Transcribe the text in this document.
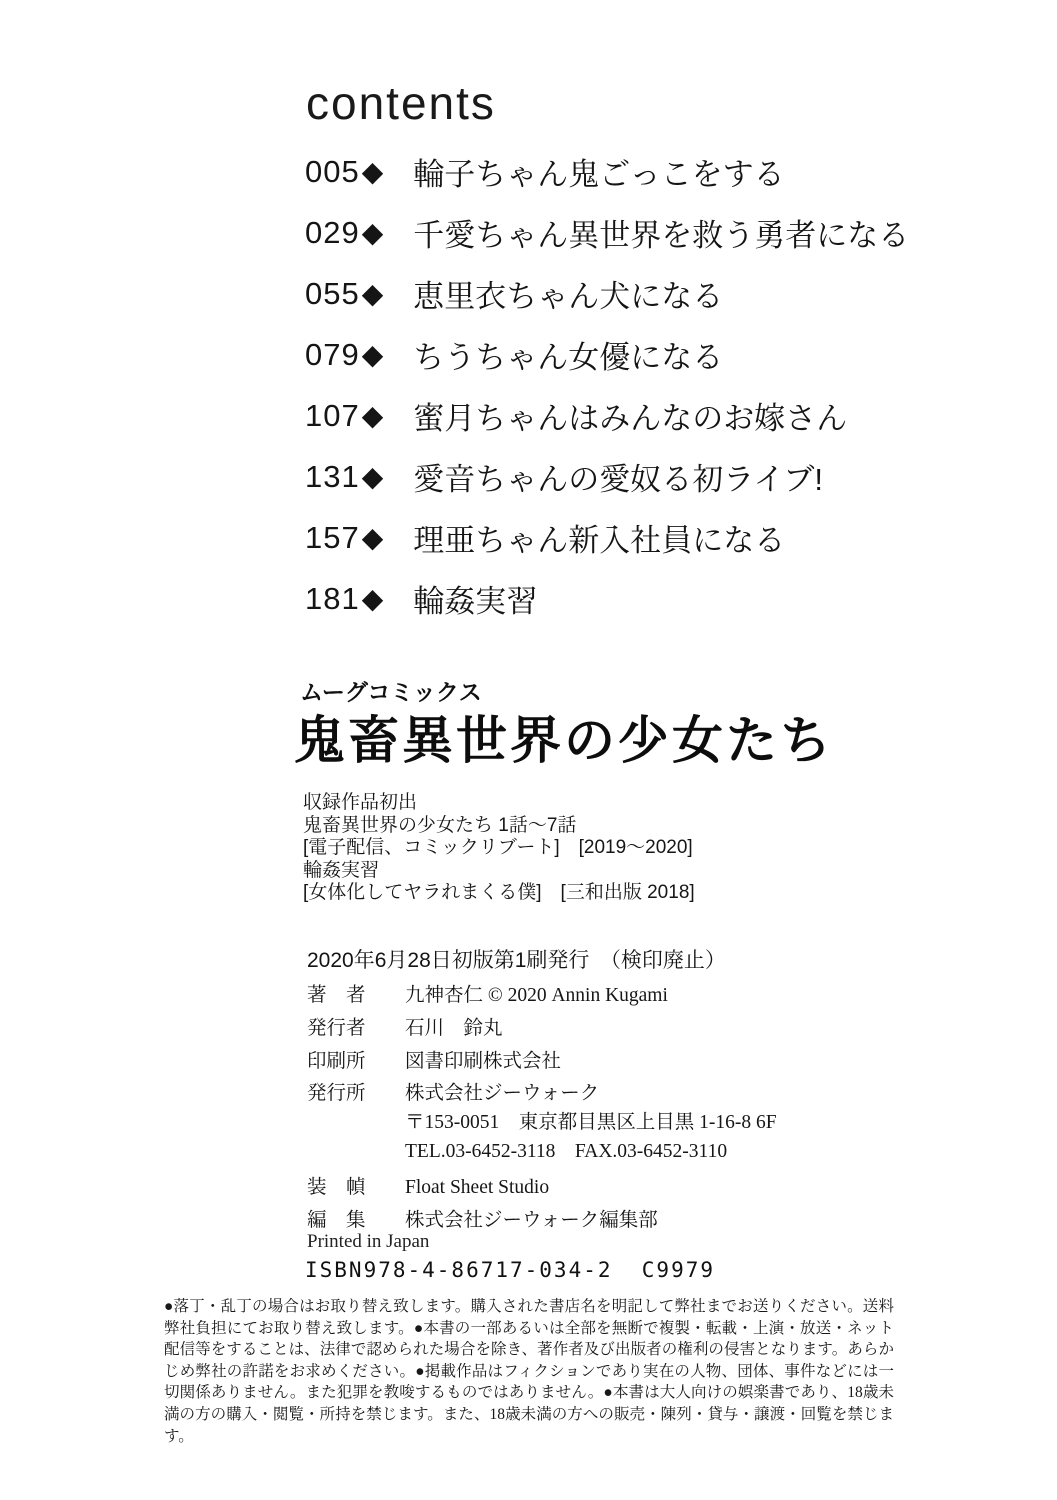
contents
005 ◆ 輪子ちゃん鬼ごっこをする
029 ◆ 千愛ちゃん異世界を救う勇者になる
055 ◆ 恵里衣ちゃん犬になる
079 ◆ ちうちゃん女優になる
107 ◆ 蜜月ちゃんはみんなのお嫁さん
131 ◆ 愛音ちゃんの愛奴る初ライブ!
157 ◆ 理亜ちゃん新入社員になる
181 ◆ 輪姦実習
ムーグコミックス
鬼畜異世界の少女たち
収録作品初出
鬼畜異世界の少女たち 1話～7話
[電子配信、コミックリブート]　[2019～2020]
輪姦実習
[女体化してヤラれまくる僕]　[三和出版 2018]
2020年6月28日初版第1刷発行　（検印廃止）
著　者	九神杏仁 © 2020 Annin Kugami
発行者	石川　鈴丸
印刷所	図書印刷株式会社
発行所	株式会社ジーウォーク
〒153-0051　東京都目黒区上目黒 1-16-8 6F
TEL.03-6452-3118　FAX.03-6452-3110
装　幀	Float Sheet Studio
編　集	株式会社ジーウォーク編集部
Printed in Japan
ISBN978-4-86717-034-2  C9979
●落丁・乱丁の場合はお取り替え致します。購入された書店名を明記して弊社までお送りください。送料弊社負担にてお取り替え致します。●本書の一部あるいは全部を無断で複製・転載・上演・放送・ネット配信等をすることは、法律で認められた場合を除き、著作者及び出版者の権利の侵害となります。あらかじめ弊社の許諾をお求めください。●掲載作品はフィクションであり実在の人物、団体、事件などには一切関係ありません。また犯罪を教唆するものではありません。●本書は大人向けの娯楽書であり、18歳未満の方の購入・閲覧・所持を禁じます。また、18歳未満の方への販売・陳列・貸与・譲渡・回覧を禁じます。
